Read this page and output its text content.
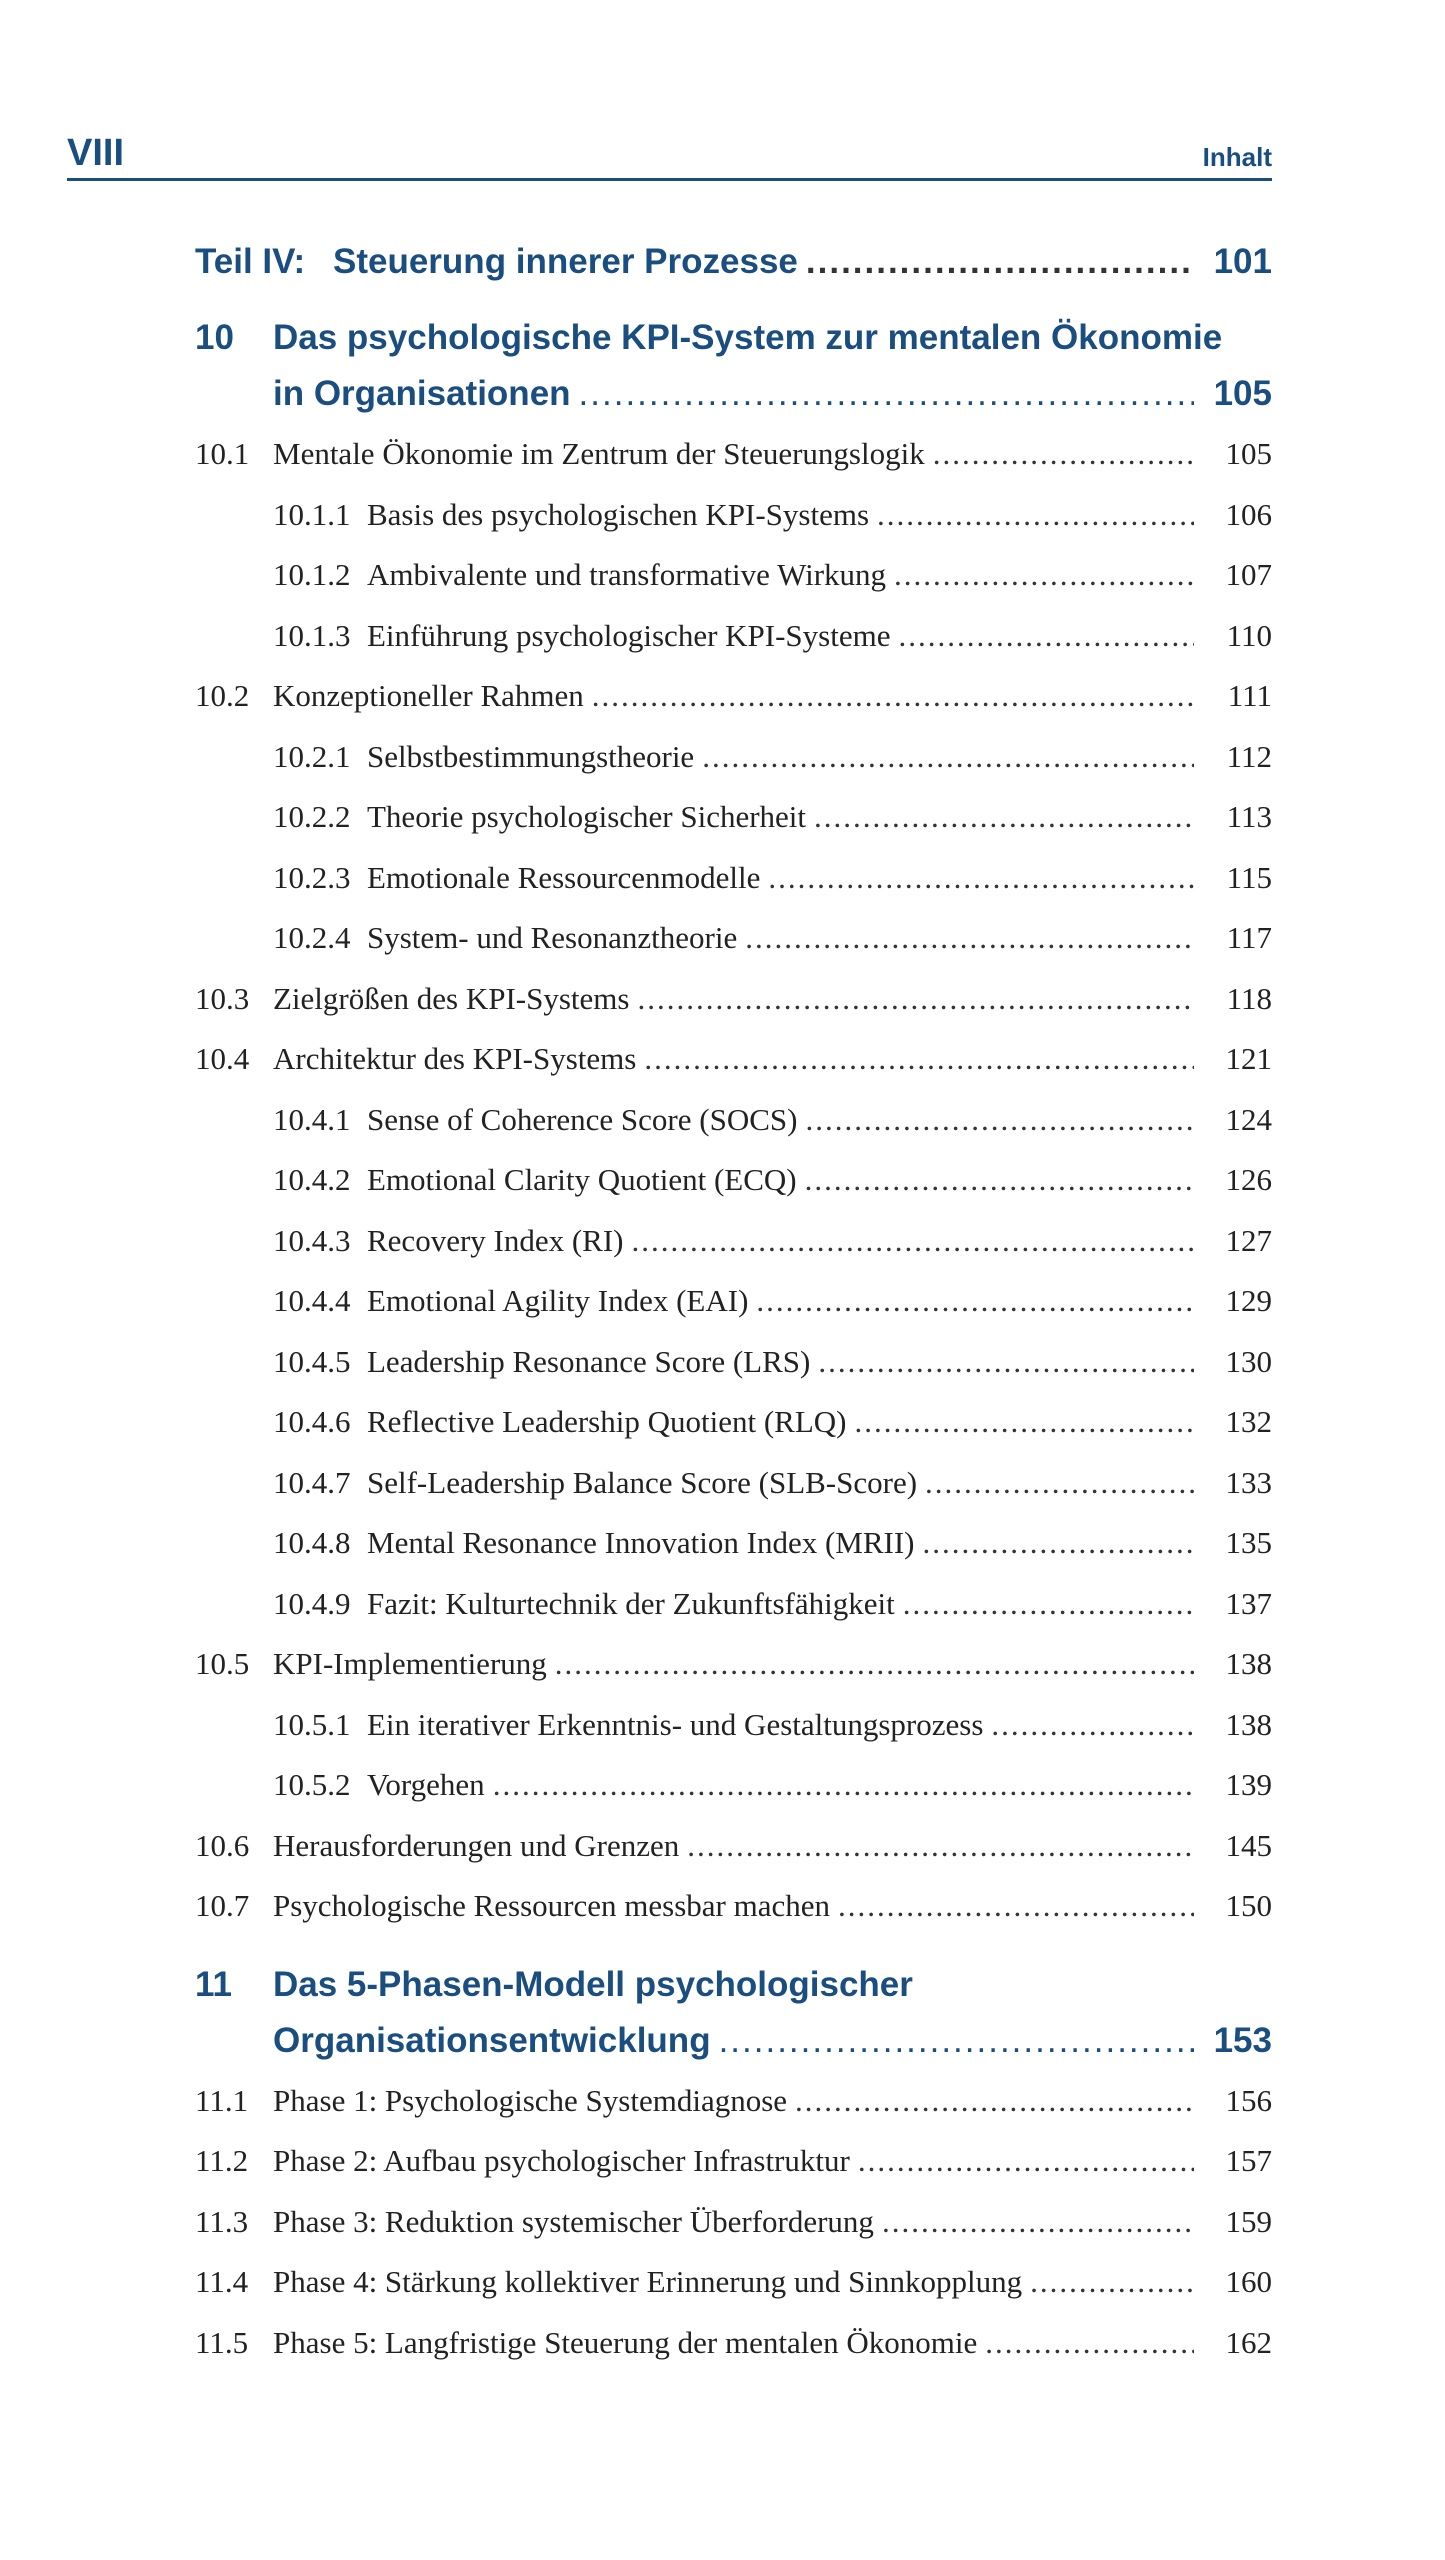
VIII	Inhalt
Teil IV: Steuerung innerer Prozesse .....	101
10	Das psychologische KPI-System zur mentalen Ökonomie
in Organisationen .....	105
10.1 Mentale Ökonomie im Zentrum der Steuerungslogik .....	105
10.1.1 Basis des psychologischen KPI-Systems .....	106
10.1.2 Ambivalente und transformative Wirkung .....	107
10.1.3 Einführung psychologischer KPI-Systeme .....	110
10.2 Konzeptioneller Rahmen .....	111
10.2.1 Selbstbestimmungstheorie .....	112
10.2.2 Theorie psychologischer Sicherheit .....	113
10.2.3 Emotionale Ressourcenmodelle .....	115
10.2.4 System- und Resonanztheorie .....	117
10.3 Zielgrößen des KPI-Systems .....	118
10.4 Architektur des KPI-Systems .....	121
10.4.1 Sense of Coherence Score (SOCS) .....	124
10.4.2 Emotional Clarity Quotient (ECQ) .....	126
10.4.3 Recovery Index (RI) .....	127
10.4.4 Emotional Agility Index (EAI) .....	129
10.4.5 Leadership Resonance Score (LRS) .....	130
10.4.6 Reflective Leadership Quotient (RLQ) .....	132
10.4.7 Self-Leadership Balance Score (SLB-Score) .....	133
10.4.8 Mental Resonance Innovation Index (MRII) .....	135
10.4.9 Fazit: Kulturtechnik der Zukunftsfähigkeit .....	137
10.5 KPI-Implementierung .....	138
10.5.1 Ein iterativer Erkenntnis- und Gestaltungsprozess .....	138
10.5.2 Vorgehen .....	139
10.6 Herausforderungen und Grenzen .....	145
10.7 Psychologische Ressourcen messbar machen .....	150
11	Das 5-Phasen-Modell psychologischer
Organisationsentwicklung .....	153
11.1 Phase 1: Psychologische Systemdiagnose .....	156
11.2 Phase 2: Aufbau psychologischer Infrastruktur .....	157
11.3 Phase 3: Reduktion systemischer Überforderung .....	159
11.4 Phase 4: Stärkung kollektiver Erinnerung und Sinnkopplung .....	160
11.5 Phase 5: Langfristige Steuerung der mentalen Ökonomie .....	162
